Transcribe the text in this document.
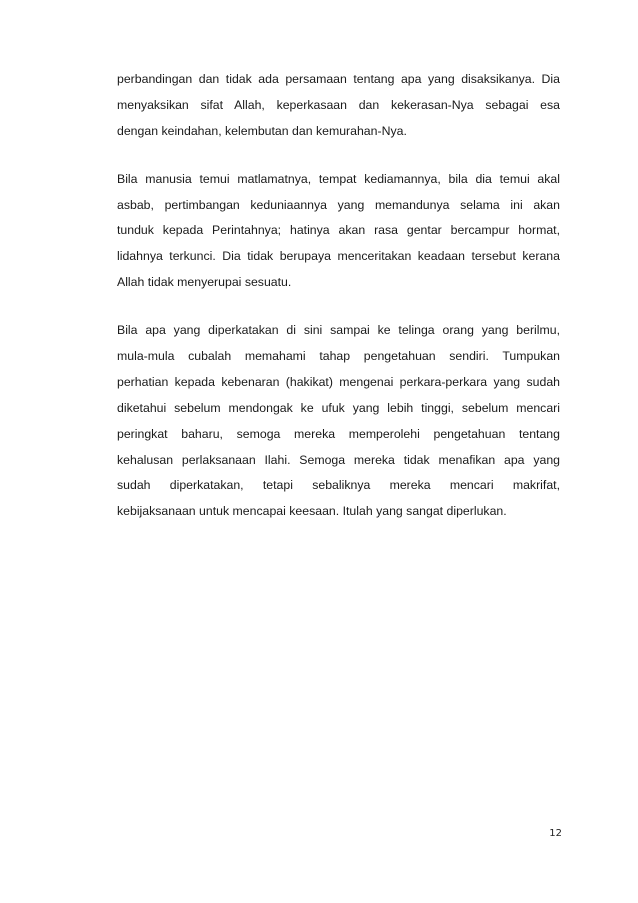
perbandingan dan tidak ada persamaan tentang apa yang disaksikanya. Dia
menyaksikan sifat Allah, keperkasaan dan kekerasan-Nya sebagai esa
dengan keindahan, kelembutan dan kemurahan-Nya.
Bila manusia temui matlamatnya, tempat kediamannya, bila dia temui akal
asbab, pertimbangan keduniaannya yang memandunya selama ini akan
tunduk kepada Perintahnya; hatinya akan rasa gentar bercampur hormat,
lidahnya terkunci. Dia tidak berupaya menceritakan keadaan tersebut kerana
Allah tidak menyerupai sesuatu.
Bila apa yang diperkatakan di sini sampai ke telinga orang yang berilmu,
mula-mula cubalah memahami tahap pengetahuan sendiri. Tumpukan
perhatian kepada kebenaran (hakikat) mengenai perkara-perkara yang sudah
diketahui sebelum mendongak ke ufuk yang lebih tinggi, sebelum mencari
peringkat baharu, semoga mereka memperolehi pengetahuan tentang
kehalusan perlaksanaan Ilahi. Semoga mereka tidak menafikan apa yang
sudah diperkatakan, tetapi sebaliknya mereka mencari makrifat,
kebijaksanaan untuk mencapai keesaan. Itulah yang sangat diperlukan.
12
